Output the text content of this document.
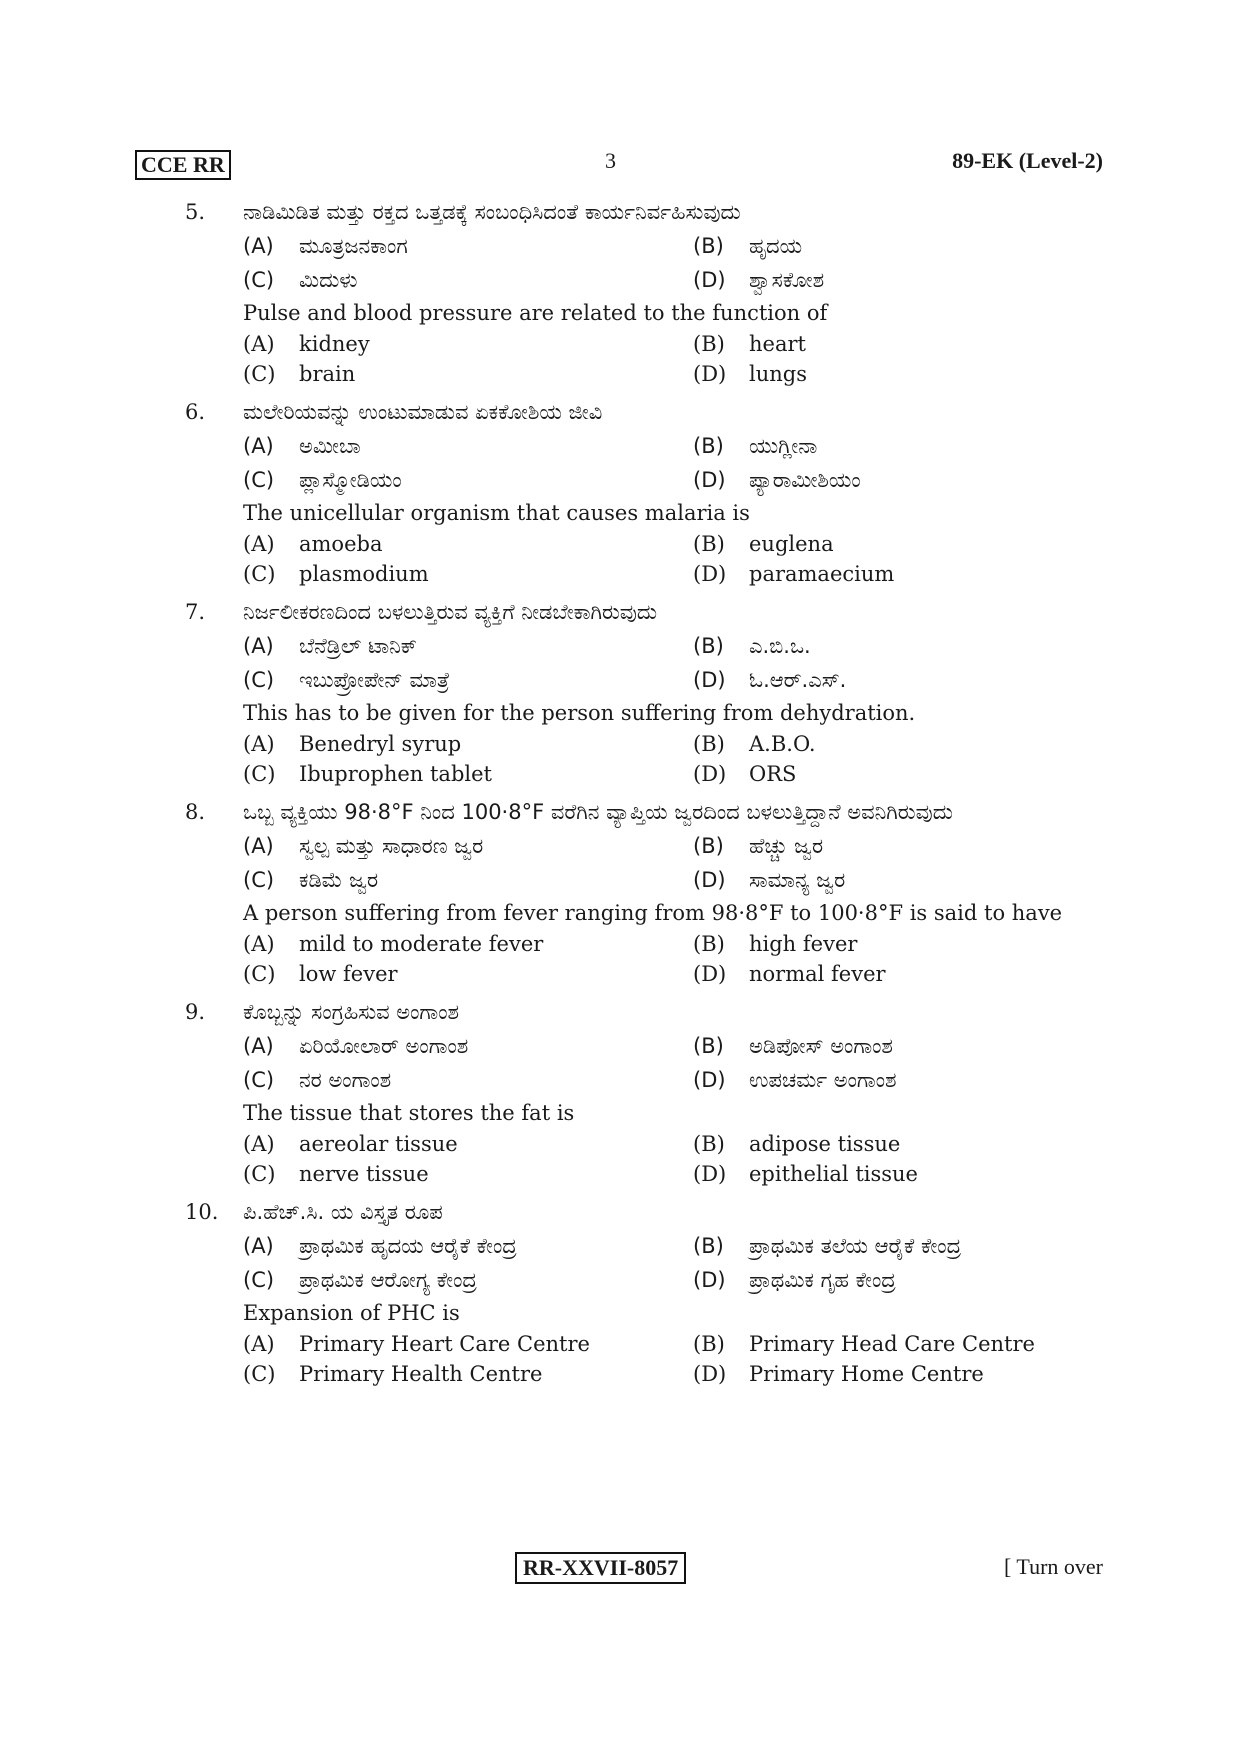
CCE RR	3	89-EK (Level-2)
5.	ನಾಡಿಮಿಡಿತ ಮತ್ತು ರಕ್ತದ ಒತ್ತಡಕ್ಕೆ ಸಂಬಂಧಿಸಿದಂತೆ ಕಾರ್ಯನಿರ್ವಹಿಸುವುದು
(A)	ಮೂತ್ರಜನಕಾಂಗ	(B)	ಹೃದಯ
(C)	ಮಿದುಳು	(D)	ಶ್ವಾಸಕೋಶ
Pulse and blood pressure are related to the function of
(A)	kidney	(B)	heart
(C)	brain	(D)	lungs
6.	ಮಲೇರಿಯವನ್ನು ಉಂಟುಮಾಡುವ ಏಕಕೋಶಿಯ ಜೀವಿ
(A)	ಅಮೀಬಾ	(B)	ಯುಗ್ಲೀನಾ
(C)	ಪ್ಲಾಸ್ಮೋಡಿಯಂ	(D)	ಪ್ಯಾರಾಮೀಶಿಯಂ
The unicellular organism that causes malaria is
(A)	amoeba	(B)	euglena
(C)	plasmodium	(D)	paramaecium
7.	ನಿರ್ಜಲೀಕರಣದಿಂದ ಬಳಲುತ್ತಿರುವ ವ್ಯಕ್ತಿಗೆ ನೀಡಬೇಕಾಗಿರುವುದು
(A)	ಬೆನೆಡ್ರಿಲ್ ಟಾನಿಕ್	(B)	ಎ.ಬಿ.ಒ.
(C)	ಇಬುಪ್ರೋಪೇನ್ ಮಾತ್ರೆ	(D)	ಓ.ಆರ್.ಎಸ್.
This has to be given for the person suffering from dehydration.
(A)	Benedryl syrup	(B)	A.B.O.
(C)	Ibuprophen tablet	(D)	ORS
8.	ಒಬ್ಬ ವ್ಯಕ್ತಿಯು 98·8°F ನಿಂದ 100·8°F ವರೆಗಿನ ವ್ಯಾಪ್ತಿಯ ಜ್ವರದಿಂದ ಬಳಲುತ್ತಿದ್ದಾನೆ ಅವನಿಗಿರುವುದು
(A)	ಸ್ವಲ್ಪ ಮತ್ತು ಸಾಧಾರಣ ಜ್ವರ	(B)	ಹೆಚ್ಚು ಜ್ವರ
(C)	ಕಡಿಮೆ ಜ್ವರ	(D)	ಸಾಮಾನ್ಯ ಜ್ವರ
A person suffering from fever ranging from 98·8°F to 100·8°F is said to have
(A)	mild to moderate fever	(B)	high fever
(C)	low fever	(D)	normal fever
9.	ಕೊಬ್ಬನ್ನು ಸಂಗ್ರಹಿಸುವ ಅಂಗಾಂಶ
(A)	ಏರಿಯೋಲಾರ್ ಅಂಗಾಂಶ	(B)	ಅಡಿಪೋಸ್ ಅಂಗಾಂಶ
(C)	ನರ ಅಂಗಾಂಶ	(D)	ಉಪಚರ್ಮ ಅಂಗಾಂಶ
The tissue that stores the fat is
(A)	aereolar tissue	(B)	adipose tissue
(C)	nerve tissue	(D)	epithelial tissue
10.	ಪಿ.ಹೆಚ್.ಸಿ. ಯ ವಿಸ್ತೃತ ರೂಪ
(A)	ಪ್ರಾಥಮಿಕ ಹೃದಯ ಆರೈಕೆ ಕೇಂದ್ರ	(B)	ಪ್ರಾಥಮಿಕ ತಲೆಯ ಆರೈಕೆ ಕೇಂದ್ರ
(C)	ಪ್ರಾಥಮಿಕ ಆರೋಗ್ಯ ಕೇಂದ್ರ	(D)	ಪ್ರಾಥಮಿಕ ಗೃಹ ಕೇಂದ್ರ
Expansion of PHC is
(A)	Primary Heart Care Centre	(B)	Primary Head Care Centre
(C)	Primary Health Centre	(D)	Primary Home Centre
RR-XXVII-8057	[ Turn over
